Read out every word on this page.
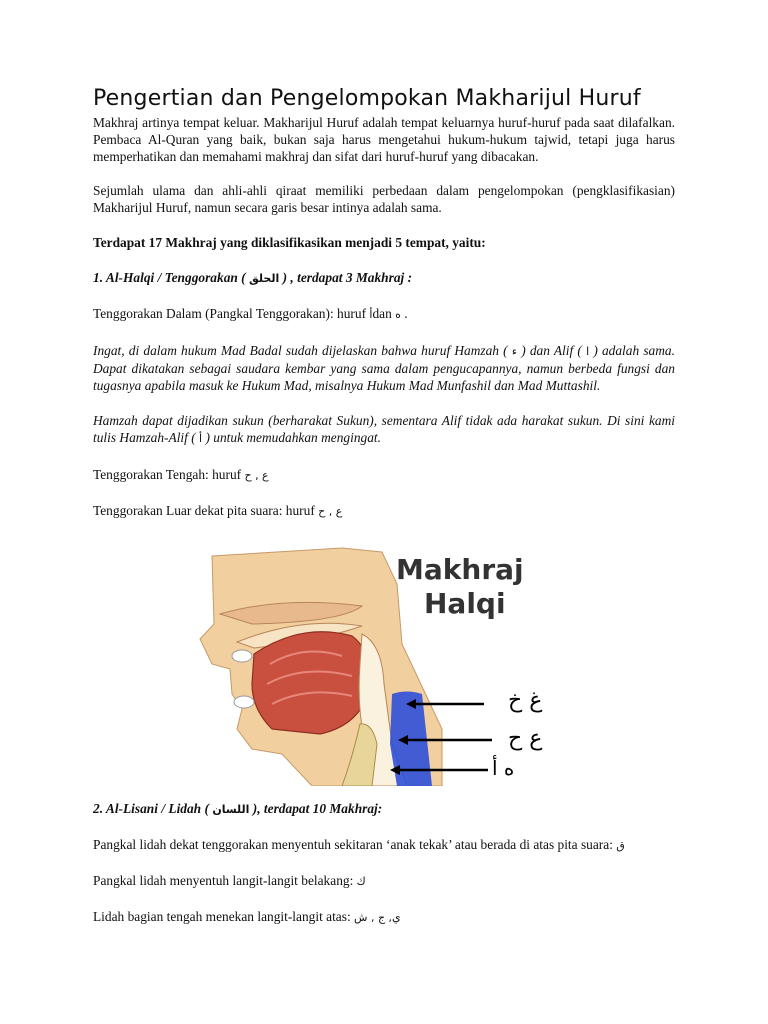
Pengertian dan Pengelompokan Makharijul Huruf

Makhraj artinya tempat keluar. Makharijul Huruf adalah tempat keluarnya huruf-huruf pada saat dilafalkan. Pembaca Al-Quran yang baik, bukan saja harus mengetahui hukum-hukum tajwid, tetapi juga harus memperhatikan dan memahami makhraj dan sifat dari huruf-huruf yang dibacakan.

Sejumlah ulama dan ahli-ahli qiraat memiliki perbedaan dalam pengelompokan (pengklasifikasian) Makharijul Huruf, namun secara garis besar intinya adalah sama.

Terdapat 17 Makhraj yang diklasifikasikan menjadi 5 tempat, yaitu:

1. Al-Halqi / Tenggorakan ( الحلق ) , terdapat 3 Makhraj :

Tenggorakan Dalam (Pangkal Tenggorakan): huruf أdan ه .

Ingat, di dalam hukum Mad Badal sudah dijelaskan bahwa huruf Hamzah ( ء ) dan Alif ( ا ) adalah sama. Dapat dikatakan sebagai saudara kembar yang sama dalam pengucapannya, namun berbeda fungsi dan tugasnya apabila masuk ke Hukum Mad, misalnya Hukum Mad Munfashil dan Mad Muttashil.

Hamzah dapat dijadikan sukun (berharakat Sukun), sementara Alif tidak ada harakat sukun. Di sini kami tulis Hamzah-Alif ( أ ) untuk memudahkan mengingat.

Tenggorakan Tengah: huruf ع , ح

Tenggorakan Luar dekat pita suara: huruf ع , ح

Makhraj
Halqi
غ خ
ع ح
ه أ

2. Al-Lisani / Lidah ( اللسان ), terdapat 10 Makhraj:

Pangkal lidah dekat tenggorakan menyentuh sekitaran ‘anak tekak’ atau berada di atas pita suara: ق

Pangkal lidah menyentuh langit-langit belakang: ك

Lidah bagian tengah menekan langit-langit atas: ي, ج , ش
